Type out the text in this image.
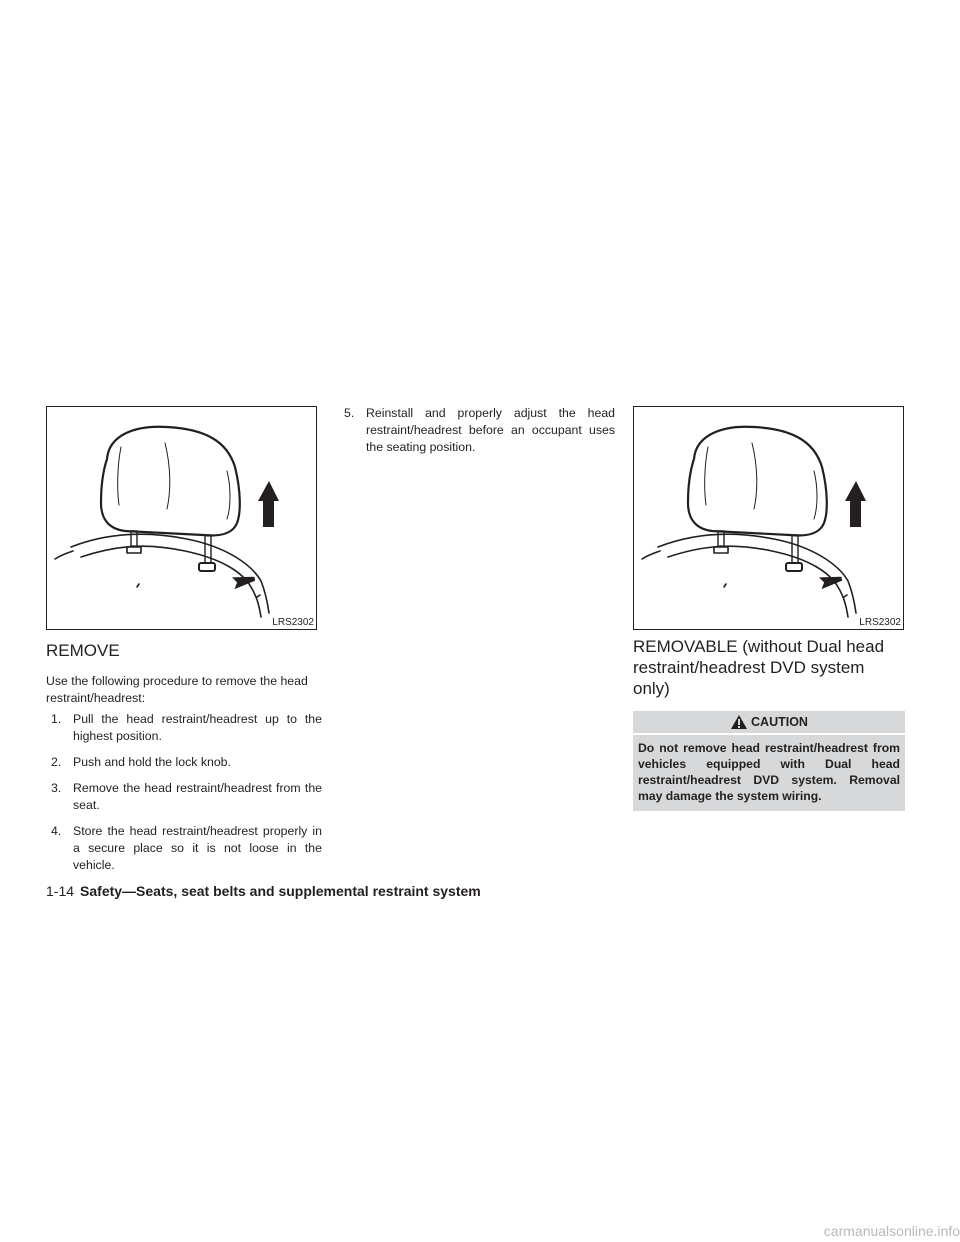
LRS2302	LRS2302
REMOVE

Use the following procedure to remove the head restraint/headrest:

1. Pull the head restraint/headrest up to the highest position.
2. Push and hold the lock knob.
3. Remove the head restraint/headrest from the seat.
4. Store the head restraint/headrest properly in a secure place so it is not loose in the vehicle.
5. Reinstall and properly adjust the head restraint/headrest before an occupant uses the seating position.
REMOVABLE (without Dual head restraint/headrest DVD system only)
CAUTION
Do not remove head restraint/headrest from vehicles equipped with Dual head restraint/headrest DVD system. Removal may damage the system wiring.
1-14 Safety—Seats, seat belts and supplemental restraint system
carmanualsonline.info
